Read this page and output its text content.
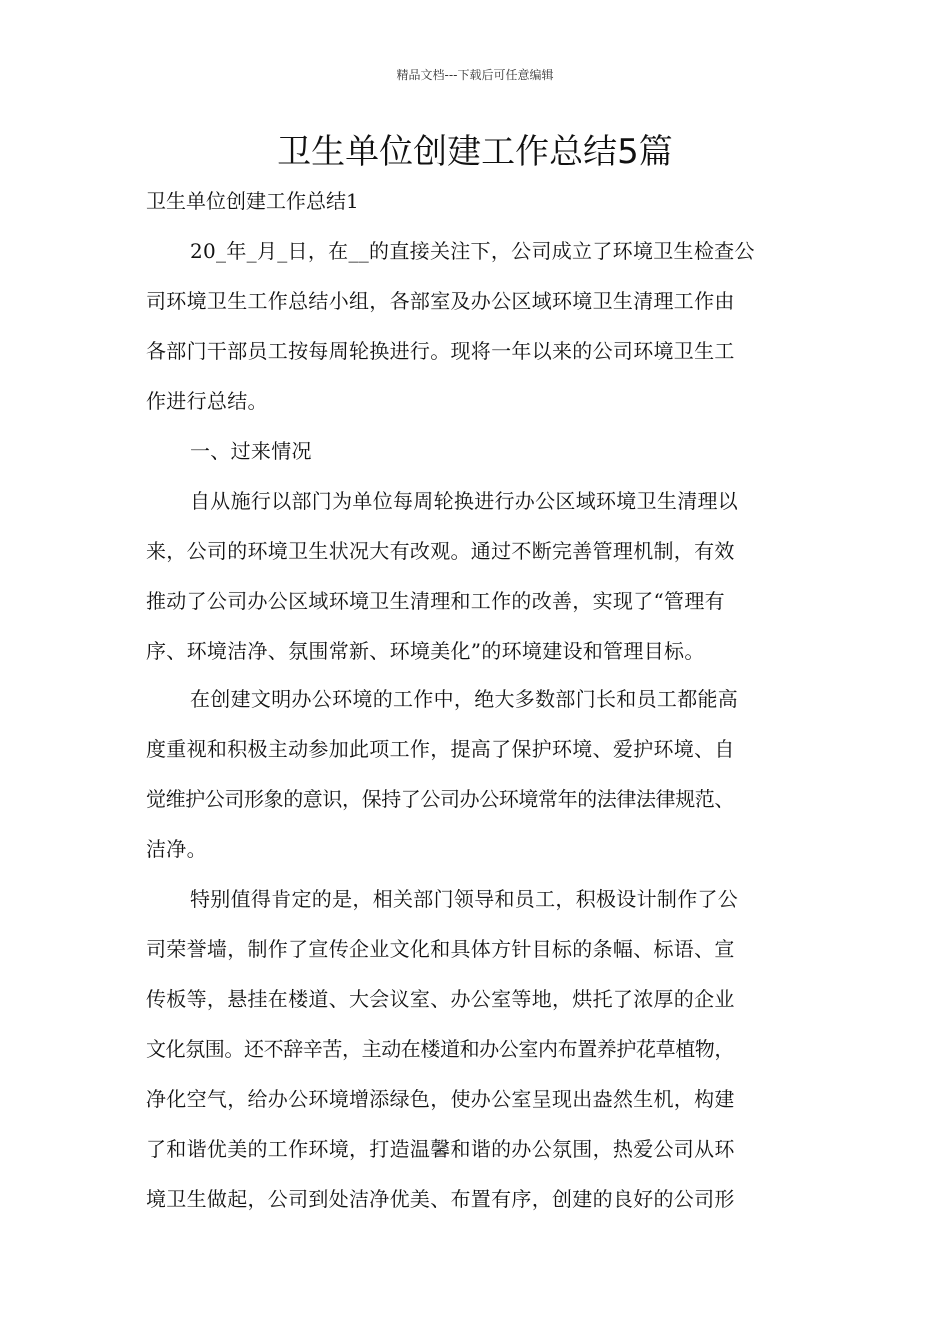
精品文档---下载后可任意编辑
卫生单位创建工作总结5篇
卫生单位创建工作总结1
20_年_月_日，在__的直接关注下，公司成立了环境卫生检查公
司环境卫生工作总结小组，各部室及办公区域环境卫生清理工作由
各部门干部员工按每周轮换进行。现将一年以来的公司环境卫生工
作进行总结。
一、过来情况
自从施行以部门为单位每周轮换进行办公区域环境卫生清理以
来，公司的环境卫生状况大有改观。通过不断完善管理机制，有效
推动了公司办公区域环境卫生清理和工作的改善，实现了“管理有
序、环境洁净、氛围常新、环境美化”的环境建设和管理目标。
在创建文明办公环境的工作中，绝大多数部门长和员工都能高
度重视和积极主动参加此项工作，提高了保护环境、爱护环境、自
觉维护公司形象的意识，保持了公司办公环境常年的法律法律规范、
洁净。
特别值得肯定的是，相关部门领导和员工，积极设计制作了公
司荣誉墙，制作了宣传企业文化和具体方针目标的条幅、标语、宣
传板等，悬挂在楼道、大会议室、办公室等地，烘托了浓厚的企业
文化氛围。还不辞辛苦，主动在楼道和办公室内布置养护花草植物，
净化空气，给办公环境增添绿色，使办公室呈现出盎然生机，构建
了和谐优美的工作环境，打造温馨和谐的办公氛围，热爱公司从环
境卫生做起，公司到处洁净优美、布置有序，创建的良好的公司形
